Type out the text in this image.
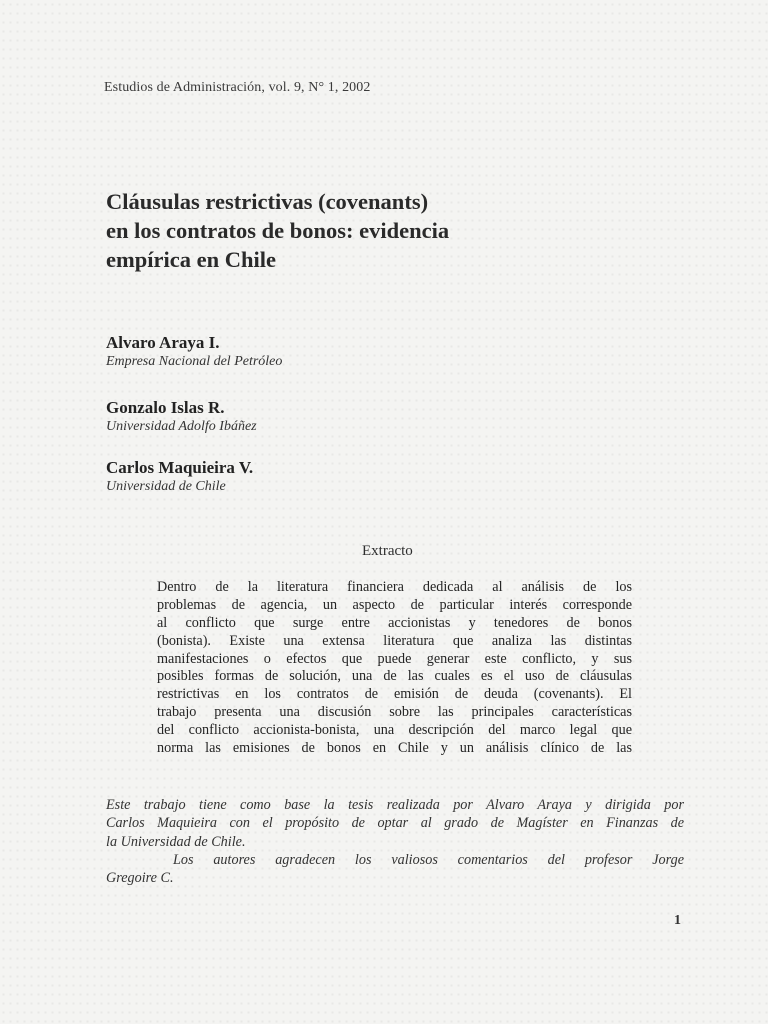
Estudios de Administración, vol. 9, N° 1, 2002
Cláusulas restrictivas (covenants)
en los contratos de bonos: evidencia
empírica en Chile
Alvaro Araya I.
Empresa Nacional del Petróleo
Gonzalo Islas R.
Universidad Adolfo Ibáñez
Carlos Maquieira V.
Universidad de Chile
Extracto
Dentro de la literatura financiera dedicada al análisis de los
problemas de agencia, un aspecto de particular interés corresponde
al conflicto que surge entre accionistas y tenedores de bonos
(bonista). Existe una extensa literatura que analiza las distintas
manifestaciones o efectos que puede generar este conflicto, y sus
posibles formas de solución, una de las cuales es el uso de cláusulas
restrictivas en los contratos de emisión de deuda (covenants). El
trabajo presenta una discusión sobre las principales características
del conflicto accionista-bonista, una descripción del marco legal que
norma las emisiones de bonos en Chile y un análisis clínico de las
Este trabajo tiene como base la tesis realizada por Alvaro Araya y dirigida por
Carlos Maquieira con el propósito de optar al grado de Magíster en Finanzas de
la Universidad de Chile.
Los autores agradecen los valiosos comentarios del profesor Jorge
Gregoire C.
1
